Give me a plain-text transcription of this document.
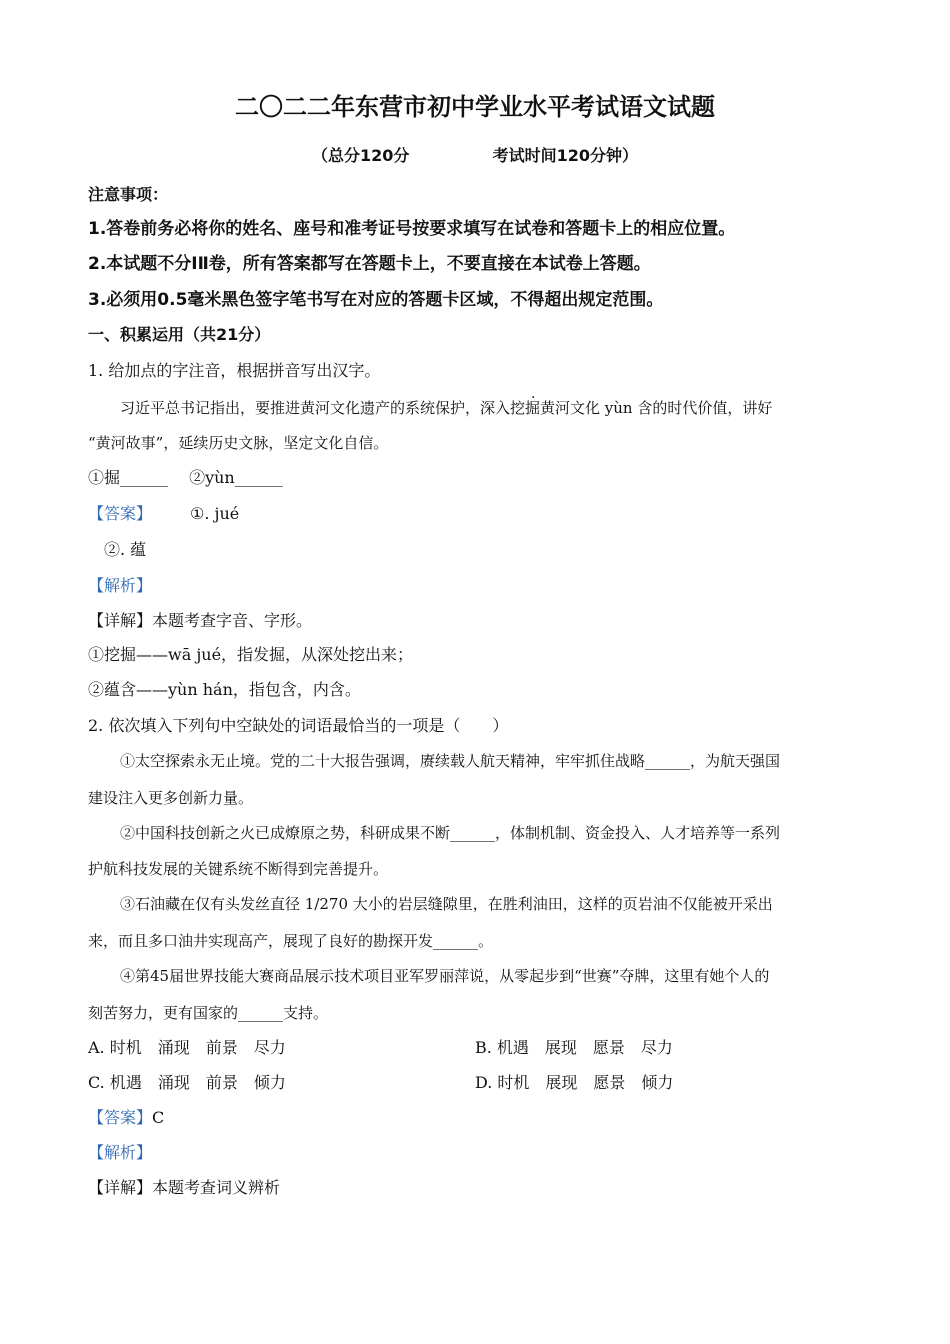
二〇二二年东营市初中学业水平考试语文试题
（总分120分	考试时间120分钟）
注意事项：
1.答卷前务必将你的姓名、座号和准考证号按要求填写在试卷和答题卡上的相应位置。
2.本试题不分ⅠⅡ卷，所有答案都写在答题卡上，不要直接在本试卷上答题。
3.必须用0.5毫米黑色签字笔书写在对应的答题卡区域，不得超出规定范围。
一、积累运用（共21分）
1. 给加点的字注音，根据拼音写出汉字。
习近平总书记指出，要推进黄河文化遗产的系统保护，深入挖掘黄河文化 yùn 含的时代价值，讲好
“黄河故事”，延续历史文脉，坚定文化自信。
①掘______　 ②yùn______
【答案】 ①. jué
②. 蕴
【解析】
【详解】本题考查字音、字形。
①挖掘——wā jué，指发掘，从深处挖出来；
②蕴含——yùn hán，指包含，内含。
2. 依次填入下列句中空缺处的词语最恰当的一项是（　　）
①太空探索永无止境。党的二十大报告强调，赓续载人航天精神，牢牢抓住战略______，为航天强国
建设注入更多创新力量。
②中国科技创新之火已成燎原之势，科研成果不断______，体制机制、资金投入、人才培养等一系列
护航科技发展的关键系统不断得到完善提升。
③石油藏在仅有头发丝直径 1/270 大小的岩层缝隙里，在胜利油田，这样的页岩油不仅能被开采出
来，而且多口油井实现高产，展现了良好的勘探开发______。
④第45届世界技能大赛商品展示技术项目亚军罗丽萍说，从零起步到“世赛”夺牌，这里有她个人的
刻苦努力，更有国家的______支持。
A. 时机　涌现　前景　尽力	B. 机遇　展现　愿景　尽力
C. 机遇　涌现　前景　倾力	D. 时机　展现　愿景　倾力
【答案】C
【解析】
【详解】本题考查词义辨析
